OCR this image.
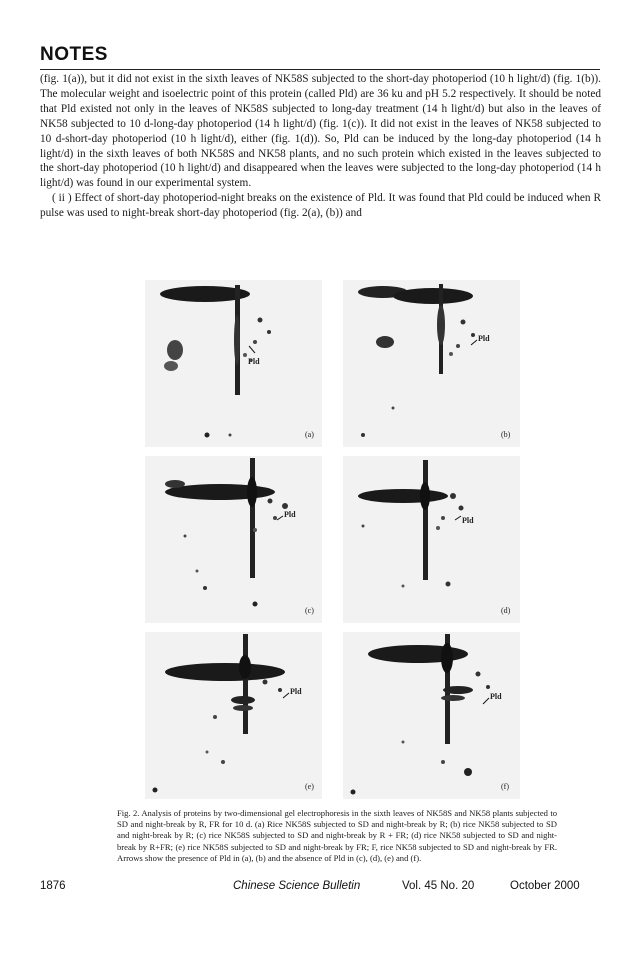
NOTES

(fig. 1(a)), but it did not exist in the sixth leaves of NK58S subjected to the short-day photoperiod (10 h light/d) (fig. 1(b)). The molecular weight and isoelectric point of this protein (called Pld) are 36 ku and pH 5.2 respectively. It should be noted that Pld existed not only in the leaves of NK58S subjected to long-day treatment (14 h light/d) but also in the leaves of NK58 subjected to 10 d-long-day photoperiod (14 h light/d) (fig. 1(c)). It did not exist in the leaves of NK58 subjected to 10 d-short-day photoperiod (10 h light/d), either (fig. 1(d)). So, Pld can be induced by the long-day photoperiod (14 h light/d) in the sixth leaves of both NK58S and NK58 plants, and no such protein which existed in the leaves subjected to the short-day photoperiod (10 h light/d) and disappeared when the leaves were subjected to the long-day photoperiod (14 h light/d) was found in our experimental system.

( ii ) Effect of short-day photoperiod-night breaks on the existence of Pld. It was found that Pld could be induced when R pulse was used to night-break short-day photoperiod (fig. 2(a), (b)) and

Pld
(a)
Pld
(b)
Pld
(c)
Pld
(d)
Pld
(e)
Pld
(f)
Fig. 2. Analysis of proteins by two-dimensional gel electrophoresis in the sixth leaves of NK58S and NK58 plants subjected to SD and night-break by R, FR for 10 d. (a) Rice NK58S subjected to SD and night-break by R; (b) rice NK58 subjected to SD and night-break by R; (c) rice NK58S subjected to SD and night-break by R + FR; (d) rice NK58 subjected to SD and night-break by R+FR; (e) rice NK58S subjected to SD and night-break by FR; F, rice NK58 subjected to SD and night-break by FR. Arrows show the presence of Pld in (a), (b) and the absence of Pld in (c), (d), (e) and (f).
1876	Chinese Science Bulletin	Vol. 45 No. 20	October 2000
